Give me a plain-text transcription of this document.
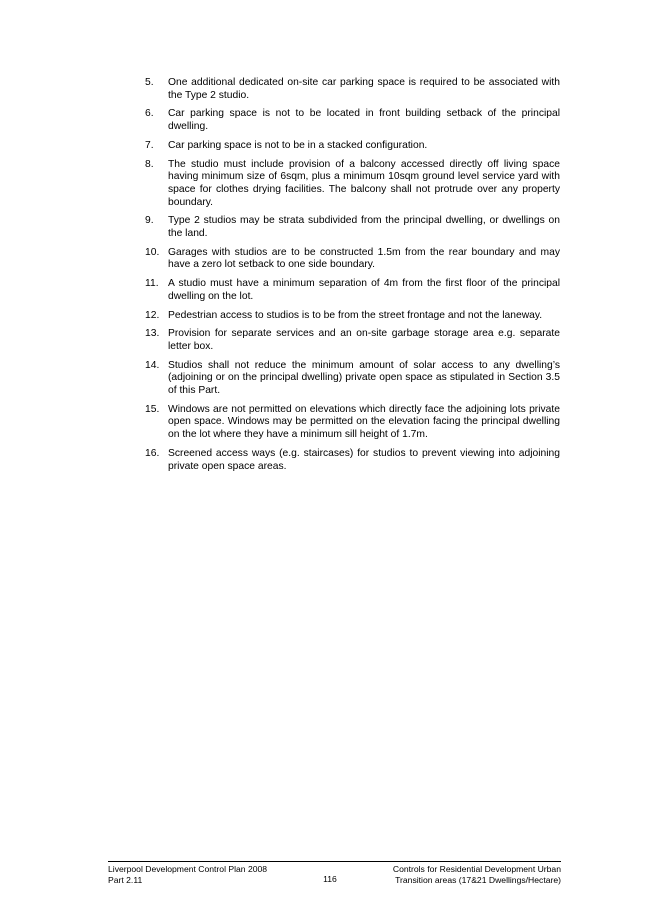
5.	One additional dedicated on-site car parking space is required to be associated with the Type 2 studio.
6.	Car parking space is not to be located in front building setback of the principal dwelling.
7.	Car parking space is not to be in a stacked configuration.
8.	The studio must include provision of a balcony accessed directly off living space having minimum size of 6sqm, plus a minimum 10sqm ground level service yard with space for clothes drying facilities. The balcony shall not protrude over any property boundary.
9.	Type 2 studios may be strata subdivided from the principal dwelling, or dwellings on the land.
10. Garages with studios are to be constructed 1.5m from the rear boundary and may have a zero lot setback to one side boundary.
11. A studio must have a minimum separation of 4m from the first floor of the principal dwelling on the lot.
12. Pedestrian access to studios is to be from the street frontage and not the laneway.
13. Provision for separate services and an on-site garbage storage area e.g. separate letter box.
14. Studios shall not reduce the minimum amount of solar access to any dwelling’s (adjoining or on the principal dwelling) private open space as stipulated in Section 3.5 of this Part.
15. Windows are not permitted on elevations which directly face the adjoining lots private open space. Windows may be permitted on the elevation facing the principal dwelling on the lot where they have a minimum sill height of 1.7m.
16. Screened access ways (e.g. staircases) for studios to prevent viewing into adjoining private open space areas.
Liverpool Development Control Plan 2008
Part 2.11	116
Controls for Residential Development Urban
Transition areas (17&21 Dwellings/Hectare)
